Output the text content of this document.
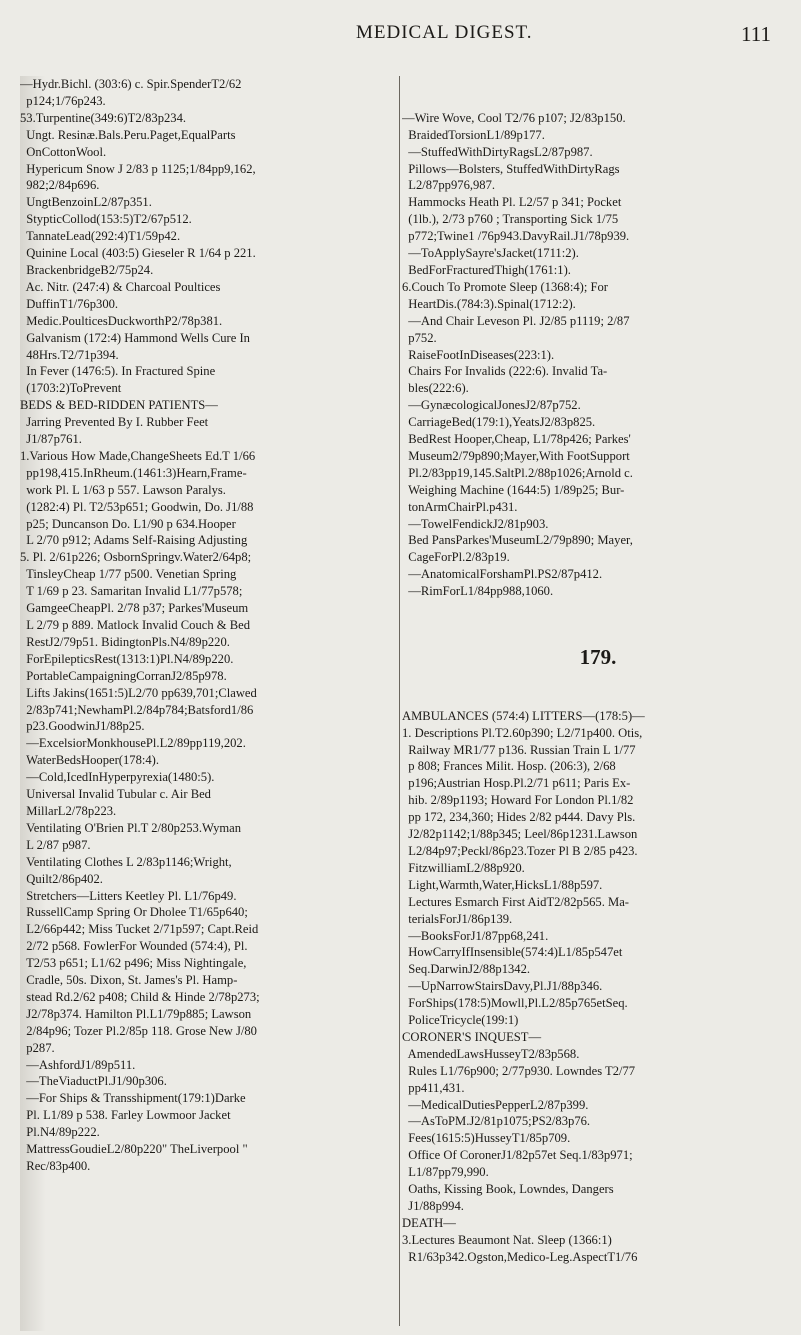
MEDICAL DIGEST.	111
—Hydr.Bichl. (303:6) c. Spir.SpenderT2/62
p124;1/76p243.
53.Turpentine(349:6)T2/83p234.
Ungt. Resinæ.Bals.Peru.Paget,EqualParts
OnCottonWool.
Hypericum Snow J 2/83 p 1125;1/84pp9,162,
982;2/84p696.
UngtBenzoinL2/87p351.
StypticCollod(153:5)T2/67p512.
TannateLead(292:4)T1/59p42.
Quinine Local (403:5) Gieseler R 1/64 p 221.
BrackenbridgeB2/75p24.
Ac. Nitr. (247:4) & Charcoal Poultices
DuffinT1/76p300.
Medic.PoulticesDuckworthP2/78p381.
Galvanism (172:4) Hammond Wells Cure In
48Hrs.T2/71p394.
In Fever (1476:5). In Fractured Spine
(1703:2)ToPrevent
BEDS & BED-RIDDEN PATIENTS—
Jarring Prevented By I. Rubber Feet
J1/87p761.
1.Various How Made,ChangeSheets Ed.T 1/66
pp198,415.InRheum.(1461:3)Hearn,Frame-
work Pl. L 1/63 p 557. Lawson Paralys.
(1282:4) Pl. T2/53p651; Goodwin, Do. J1/88
p25; Duncanson Do. L1/90 p 634.Hooper
L 2/70 p912; Adams Self-Raising Adjusting
5. Pl. 2/61p226; OsbornSpringv.Water2/64p8;
TinsleyCheap 1/77 p500. Venetian Spring
T 1/69 p 23. Samaritan Invalid L1/77p578;
GamgeeCheapPl. 2/78 p37; Parkes'Museum
L 2/79 p 889. Matlock Invalid Couch & Bed
RestJ2/79p51. BidingtonPls.N4/89p220.
ForEpilepticsRest(1313:1)Pl.N4/89p220.
PortableCampaigningCorranJ2/85p978.
Lifts Jakins(1651:5)L2/70 pp639,701;Clawed
2/83p741;NewhamPl.2/84p784;Batsford1/86
p23.GoodwinJ1/88p25.
—ExcelsiorMonkhousePl.L2/89pp119,202.
WaterBedsHooper(178:4).
—Cold,IcedInHyperpyrexia(1480:5).
Universal Invalid Tubular c. Air Bed
MillarL2/78p223.
Ventilating O'Brien Pl.T 2/80p253.Wyman
L 2/87 p987.
Ventilating Clothes L 2/83p1146;Wright,
Quilt2/86p402.
Stretchers—Litters Keetley Pl. L1/76p49.
RussellCamp Spring Or Dholee T1/65p640;
L2/66p442; Miss Tucket 2/71p597; Capt.Reid
2/72 p568. FowlerFor Wounded (574:4), Pl.
T2/53 p651; L1/62 p496; Miss Nightingale,
Cradle, 50s. Dixon, St. James's Pl. Hamp-
stead Rd.2/62 p408; Child & Hinde 2/78p273;
J2/78p374. Hamilton Pl.L1/79p885; Lawson
2/84p96; Tozer Pl.2/85p 118. Grose New J/80
p287.
—AshfordJ1/89p511.
—TheViaductPl.J1/90p306.
—For Ships & Transshipment(179:1)Darke
Pl. L1/89 p 538. Farley Lowmoor Jacket
Pl.N4/89p222.
MattressGoudieL2/80p220" TheLiverpool "
Rec/83p400.

—Wire Wove, Cool T2/76 p107; J2/83p150.
BraidedTorsionL1/89p177.
—StuffedWithDirtyRagsL2/87p987.
Pillows—Bolsters, StuffedWithDirtyRags
L2/87pp976,987.
Hammocks Heath Pl. L2/57 p 341; Pocket
(1lb.), 2/73 p760 ; Transporting Sick 1/75
p772;Twine1 /76p943.DavyRail.J1/78p939.
—ToApplySayre'sJacket(1711:2).
BedForFracturedThigh(1761:1).
6.Couch To Promote Sleep (1368:4); For
HeartDis.(784:3).Spinal(1712:2).
—And Chair Leveson Pl. J2/85 p1119; 2/87
p752.
RaiseFootInDiseases(223:1).
Chairs For Invalids (222:6). Invalid Ta-
bles(222:6).
—GynæcologicalJonesJ2/87p752.
CarriageBed(179:1),YeatsJ2/83p825.
BedRest Hooper,Cheap, L1/78p426; Parkes'
Museum2/79p890;Mayer,With FootSupport
Pl.2/83pp19,145.SaltPl.2/88p1026;Arnold c.
Weighing Machine (1644:5) 1/89p25; Bur-
tonArmChairPl.p431.
—TowelFendickJ2/81p903.
Bed PansParkes'MuseumL2/79p890; Mayer,
CageForPl.2/83p19.
—AnatomicalForshamPl.PS2/87p412.
—RimForL1/84pp988,1060.

179.

AMBULANCES (574:4) LITTERS—(178:5)—
1. Descriptions Pl.T2.60p390; L2/71p400. Otis,
Railway MR1/77 p136. Russian Train L 1/77
p 808; Frances Milit. Hosp. (206:3), 2/68
p196;Austrian Hosp.Pl.2/71 p611; Paris Ex-
hib. 2/89p1193; Howard For London Pl.1/82
pp 172, 234,360; Hides 2/82 p444. Davy Pls.
J2/82p1142;1/88p345; Leel/86p1231.Lawson
L2/84p97;Peckl/86p23.Tozer Pl B 2/85 p423.
FitzwilliamL2/88p920.
Light,Warmth,Water,HicksL1/88p597.
Lectures Esmarch First AidT2/82p565. Ma-
terialsForJ1/86p139.
—BooksForJ1/87pp68,241.
HowCarryIfInsensible(574:4)L1/85p547et
Seq.DarwinJ2/88p1342.
—UpNarrowStairsDavy,Pl.J1/88p346.
ForShips(178:5)Mowll,Pl.L2/85p765etSeq.
PoliceTricycle(199:1)
CORONER'S INQUEST—
AmendedLawsHusseyT2/83p568.
Rules L1/76p900; 2/77p930. Lowndes T2/77
pp411,431.
—MedicalDutiesPepperL2/87p399.
—AsToPM.J2/81p1075;PS2/83p76.
Fees(1615:5)HusseyT1/85p709.
Office Of CoronerJ1/82p57et Seq.1/83p971;
L1/87pp79,990.
Oaths, Kissing Book, Lowndes, Dangers
J1/88p994.
DEATH—
3.Lectures Beaumont Nat. Sleep (1366:1)
R1/63p342.Ogston,Medico-Leg.AspectT1/76
